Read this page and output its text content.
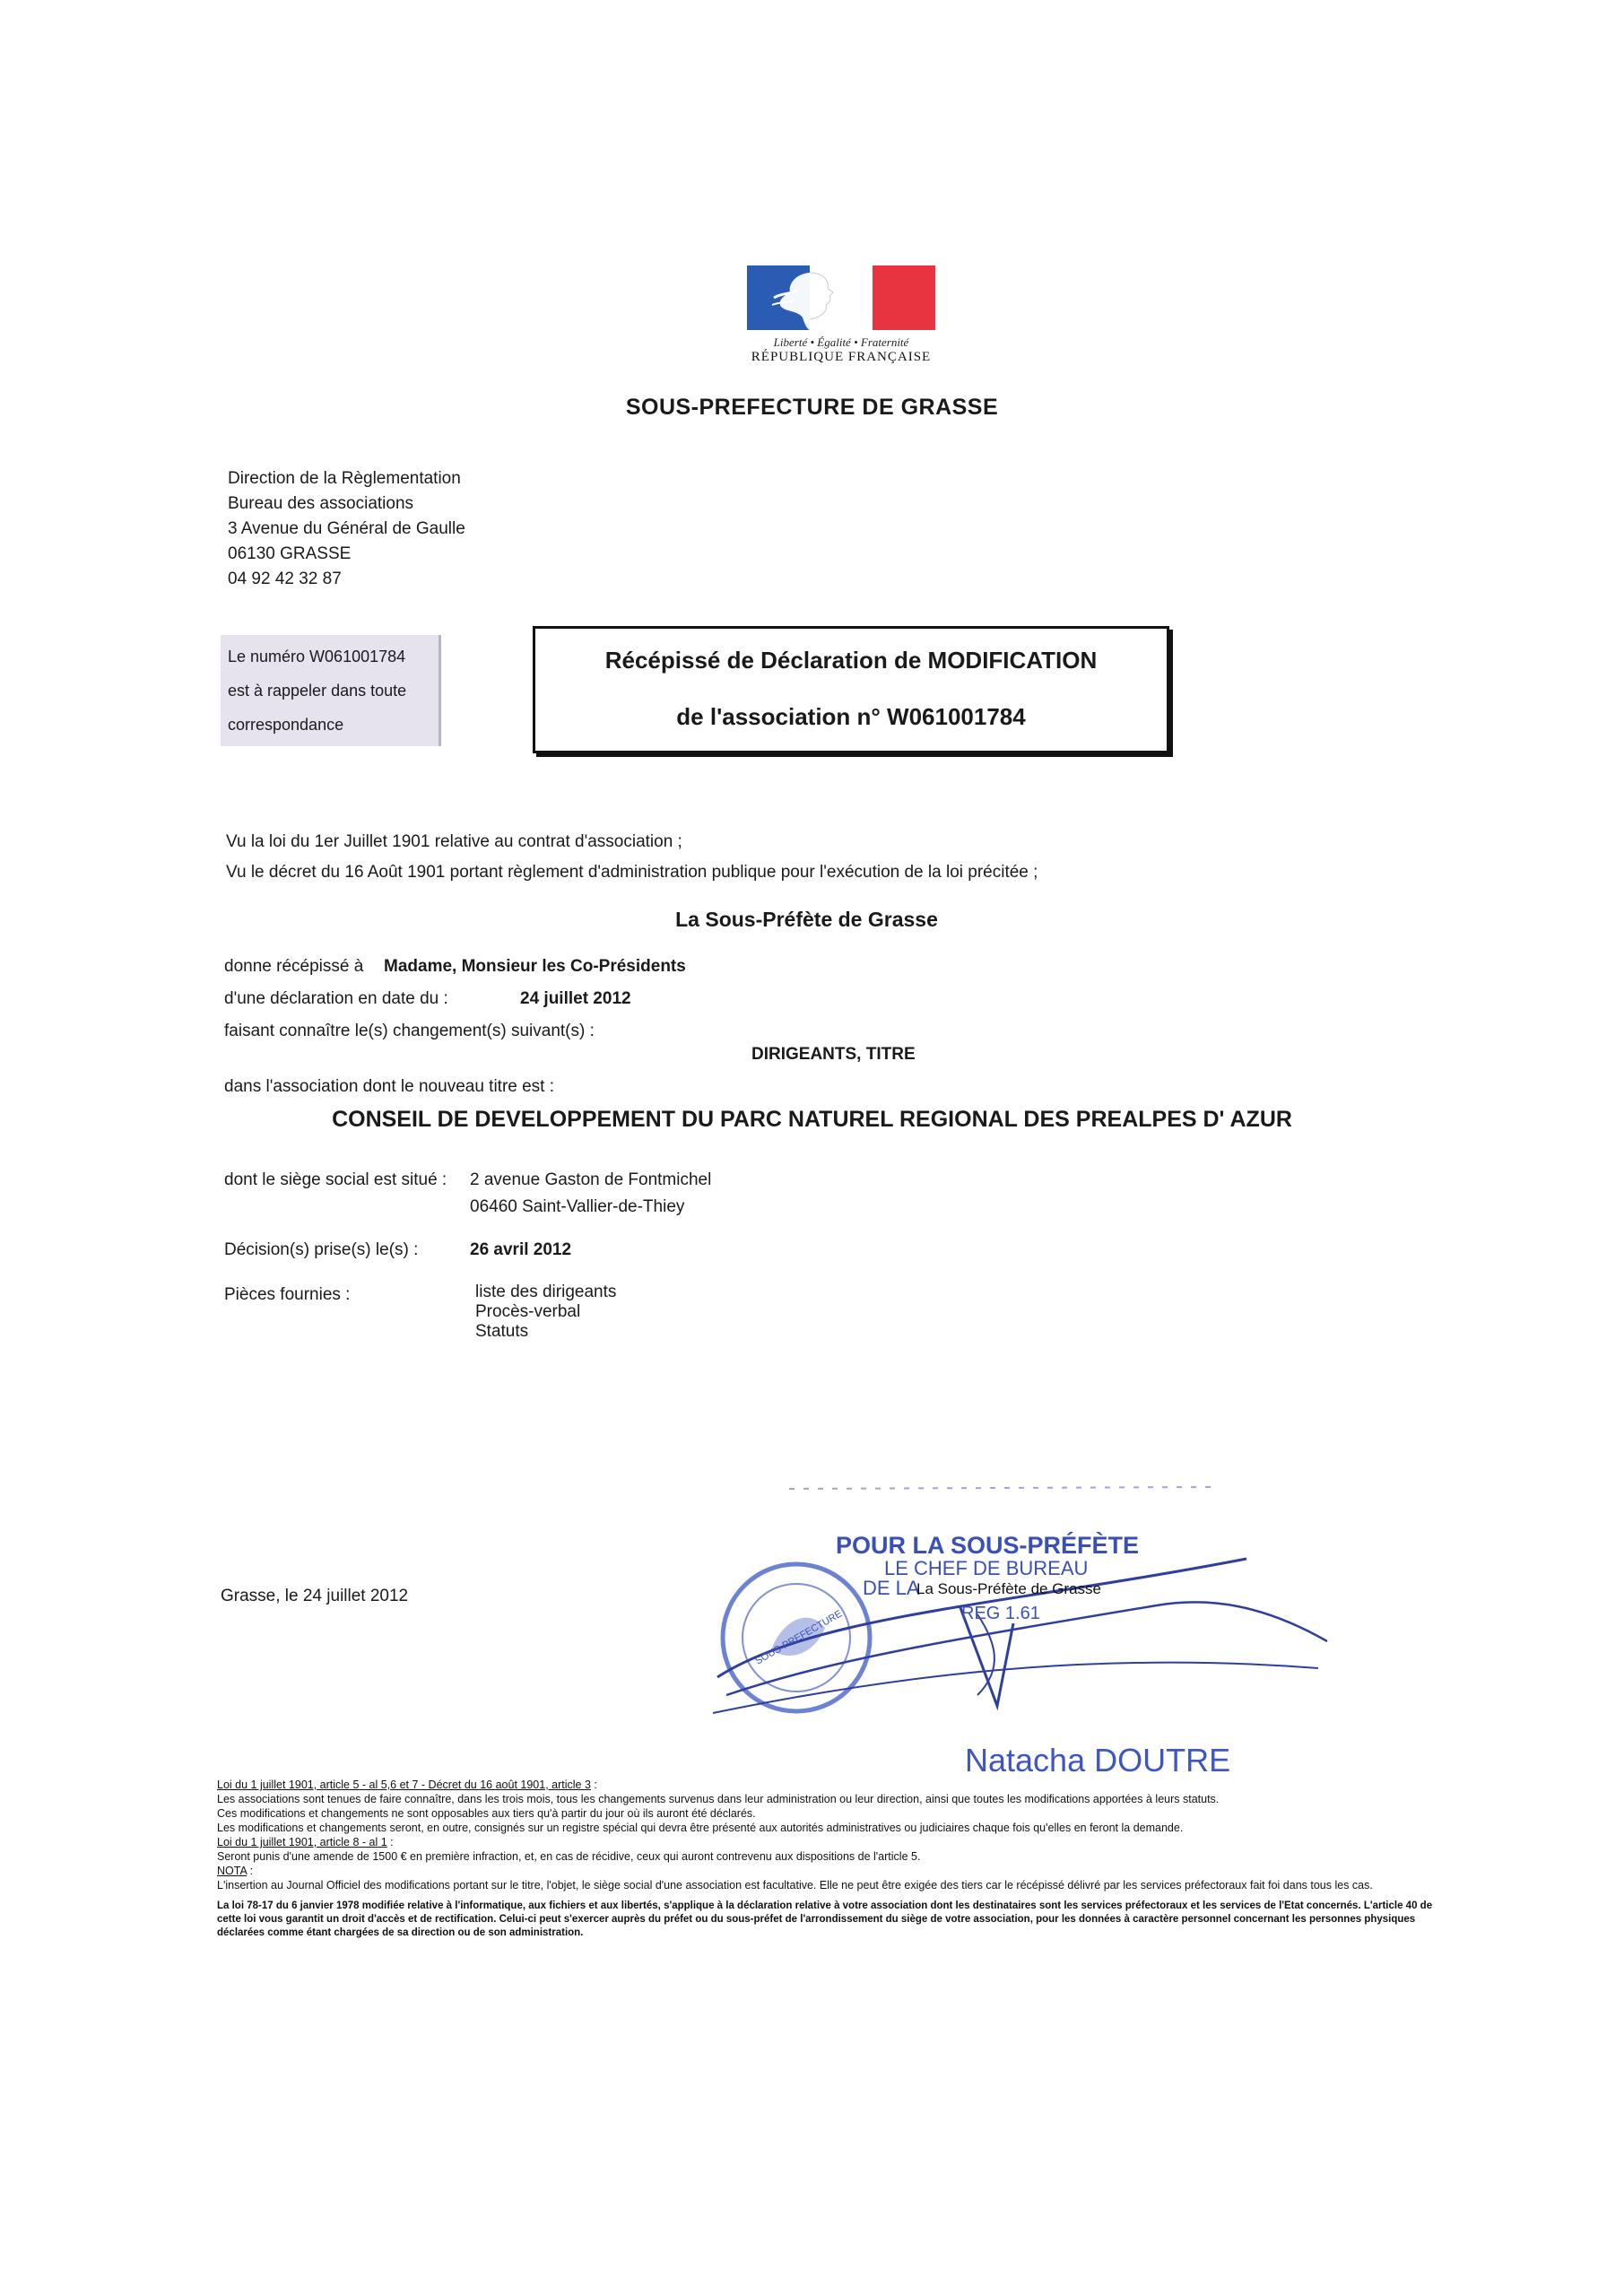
Liberté • Égalité • Fraternité
RÉPUBLIQUE FRANÇAISE
SOUS-PREFECTURE DE GRASSE
Direction de la Règlementation
Bureau des associations
3 Avenue du Général de Gaulle
06130 GRASSE
04 92 42 32 87
Le numéro W061001784
est à rappeler dans toute
correspondance
Récépissé de Déclaration de MODIFICATION
de l'association n° W061001784
Vu la loi du 1er Juillet 1901 relative au contrat d'association ;
Vu le décret du 16 Août 1901 portant règlement d'administration publique pour l'exécution de la loi précitée ;
La Sous-Préfète de Grasse
donne récépissé à Madame, Monsieur les Co-Présidents
d'une déclaration en date du :	24 juillet 2012
faisant connaître le(s) changement(s) suivant(s) :
DIRIGEANTS, TITRE
dans l'association dont le nouveau titre est :
CONSEIL DE DEVELOPPEMENT DU PARC NATUREL REGIONAL DES PREALPES D' AZUR
dont le siège social est situé : 2 avenue Gaston de Fontmichel
06460 Saint-Vallier-de-Thiey
Décision(s) prise(s) le(s) :	26 avril 2012
Pièces fournies :	liste des dirigeants
Procès-verbal
Statuts
Grasse, le 24 juillet 2012
POUR LA SOUS-PRÉFÈTE
LE CHEF DE BUREAU
DE LA
La Sous-Préfète de Grasse
REG 1.61
SOUS-PREFECTURE
Natacha DOUTRE
Loi du 1 juillet 1901, article 5 - al 5,6 et 7 - Décret du 16 août 1901, article 3 :
Les associations sont tenues de faire connaître, dans les trois mois, tous les changements survenus dans leur administration ou leur direction, ainsi que toutes les modifications apportées à leurs statuts.
Ces modifications et changements ne sont opposables aux tiers qu'à partir du jour où ils auront été déclarés.
Les modifications et changements seront, en outre, consignés sur un registre spécial qui devra être présenté aux autorités administratives ou judiciaires chaque fois qu'elles en feront la demande.
Loi du 1 juillet 1901, article 8 - al 1 :
Seront punis d'une amende de 1500 € en première infraction, et, en cas de récidive, ceux qui auront contrevenu aux dispositions de l'article 5.
NOTA :
L'insertion au Journal Officiel des modifications portant sur le titre, l'objet, le siège social d'une association est facultative. Elle ne peut être exigée des tiers car le récépissé délivré par les services préfectoraux fait foi dans tous les cas.
La loi 78-17 du 6 janvier 1978 modifiée relative à l'informatique, aux fichiers et aux libertés, s'applique à la déclaration relative à votre association dont les destinataires sont les services préfectoraux et les services de l'Etat concernés. L'article 40 de cette loi vous garantit un droit d'accès et de rectification. Celui-ci peut s'exercer auprès du préfet ou du sous-préfet de l'arrondissement du siège de votre association, pour les données à caractère personnel concernant les personnes physiques déclarées comme étant chargées de sa direction ou de son administration.
